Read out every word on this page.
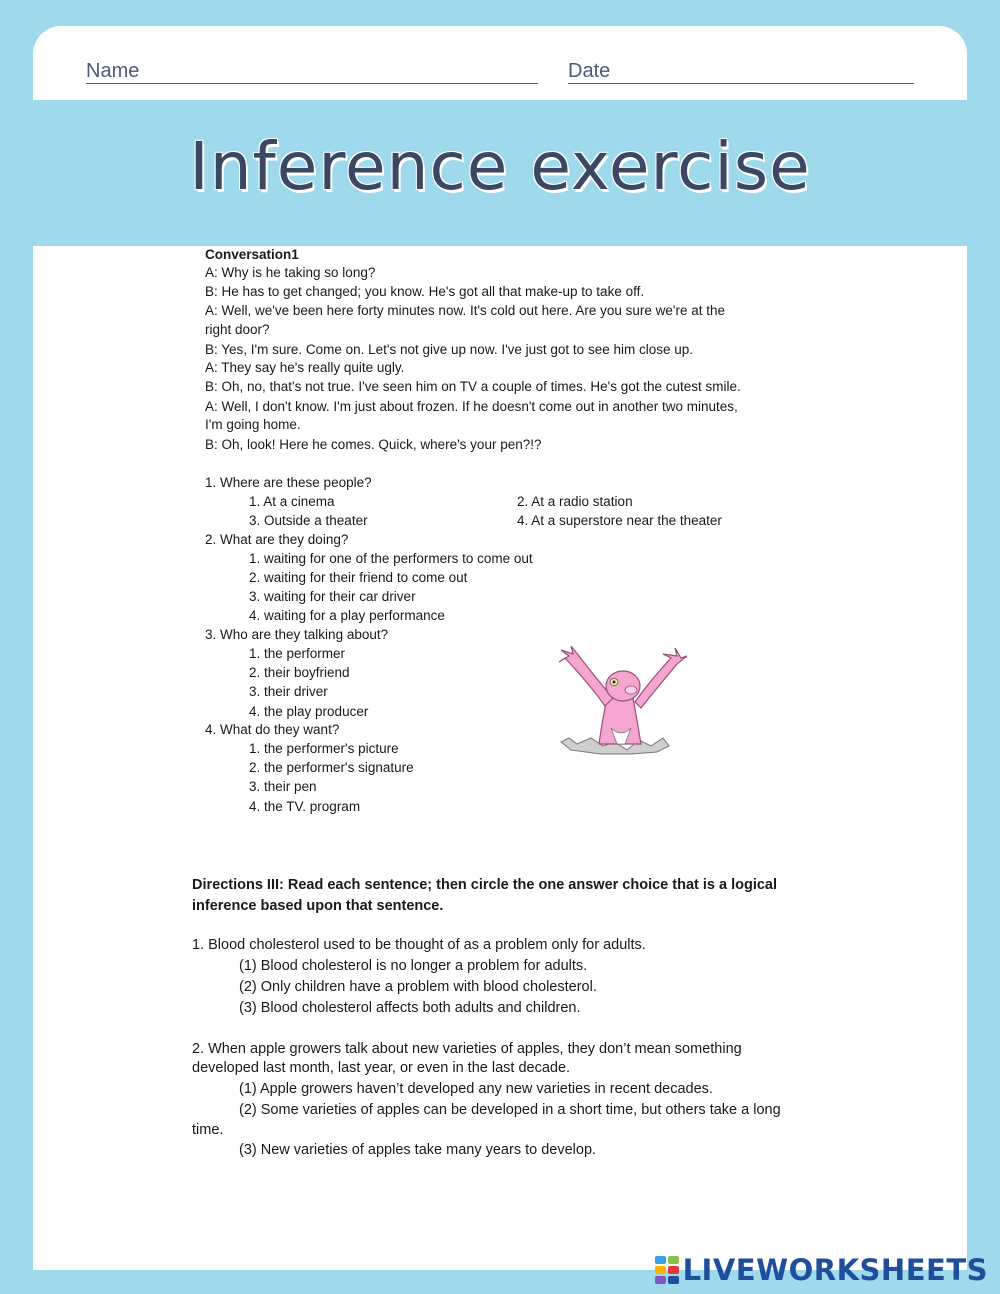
Name	Date
Inference exercise
Conversation1
A: Why is he taking so long?
B: He has to get changed; you know. He's got all that make-up to take off.
A: Well, we've been here forty minutes now. It's cold out here. Are you sure we're at the
right door?
B: Yes, I'm sure. Come on. Let's not give up now. I've just got to see him close up.
A: They say he's really quite ugly.
B: Oh, no, that's not true. I've seen him on TV a couple of times. He's got the cutest smile.
A: Well, I don't know. I'm just about frozen. If he doesn't come out in another two minutes,
I'm going home.
B: Oh, look! Here he comes. Quick, where's your pen?!?
1. Where are these people?
1. At a cinema	2. At a radio station
3. Outside a theater	4. At a superstore near the theater
2. What are they doing?
1. waiting for one of the performers to come out
2. waiting for their friend to come out
3. waiting for their car driver
4. waiting for a play performance
3. Who are they talking about?
1. the performer
2. their boyfriend
3. their driver
4. the play producer
4. What do they want?
1. the performer's picture
2. the performer's signature
3. their pen
4. the TV. program
Directions III: Read each sentence; then circle the one answer choice that is a logical
inference based upon that sentence.
1. Blood cholesterol used to be thought of as a problem only for adults.
(1) Blood cholesterol is no longer a problem for adults.
(2) Only children have a problem with blood cholesterol.
(3) Blood cholesterol affects both adults and children.
2. When apple growers talk about new varieties of apples, they don’t mean something
developed last month, last year, or even in the last decade.
(1) Apple growers haven’t developed any new varieties in recent decades.
(2) Some varieties of apples can be developed in a short time, but others take a long
time.
(3) New varieties of apples take many years to develop.
LIVEWORKSHEETS
